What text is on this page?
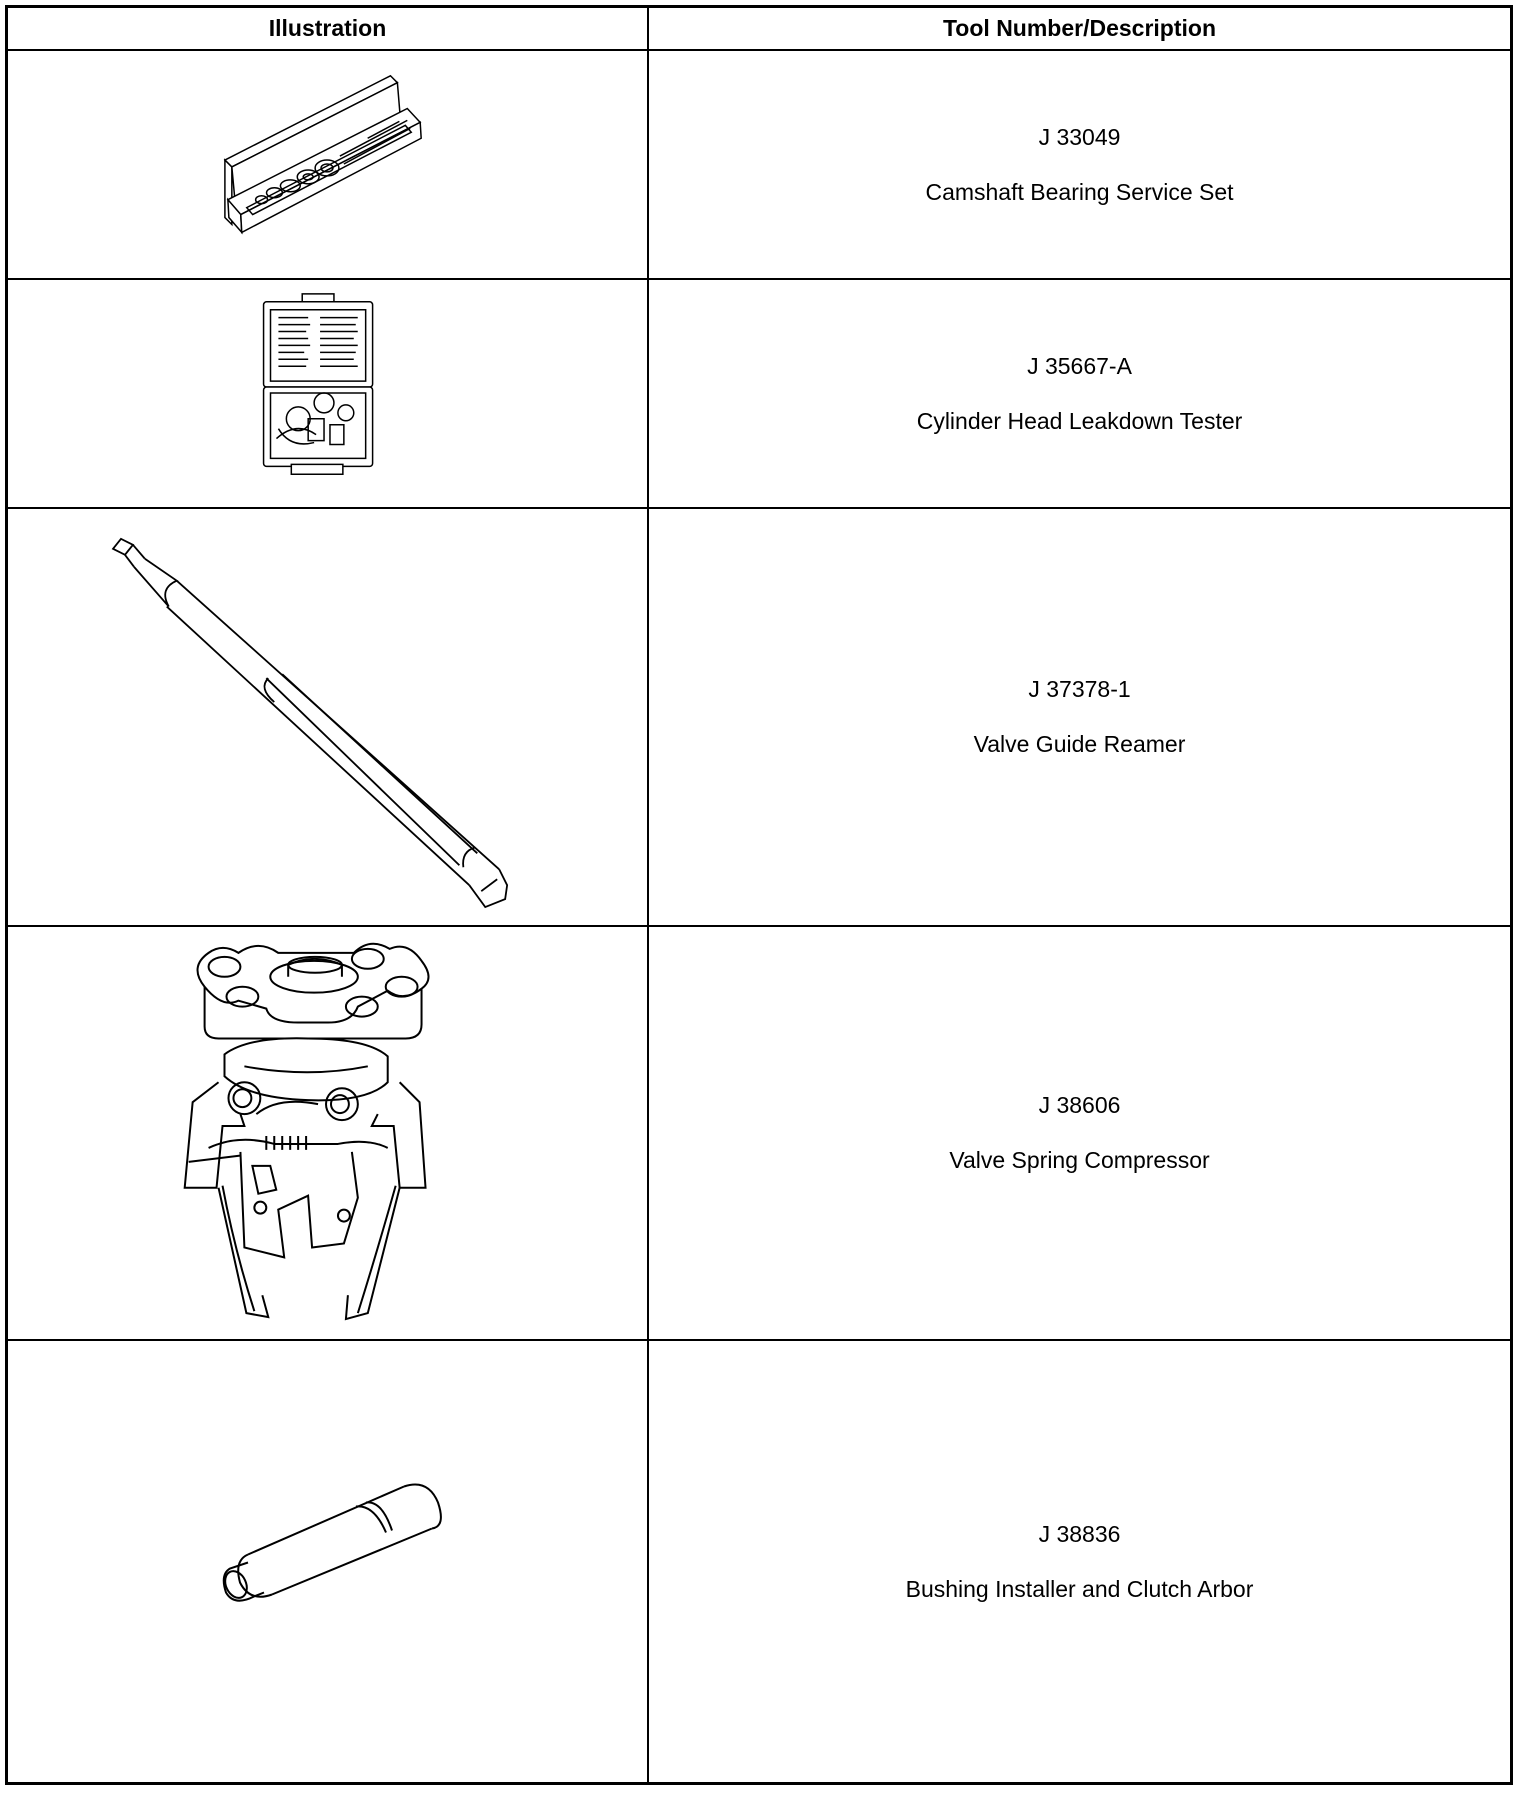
Illustration	Tool Number/Description
J 33049
Camshaft Bearing Service Set
J 35667-A
Cylinder Head Leakdown Tester
J 37378-1
Valve Guide Reamer
J 38606
Valve Spring Compressor
J 38836
Bushing Installer and Clutch Arbor
